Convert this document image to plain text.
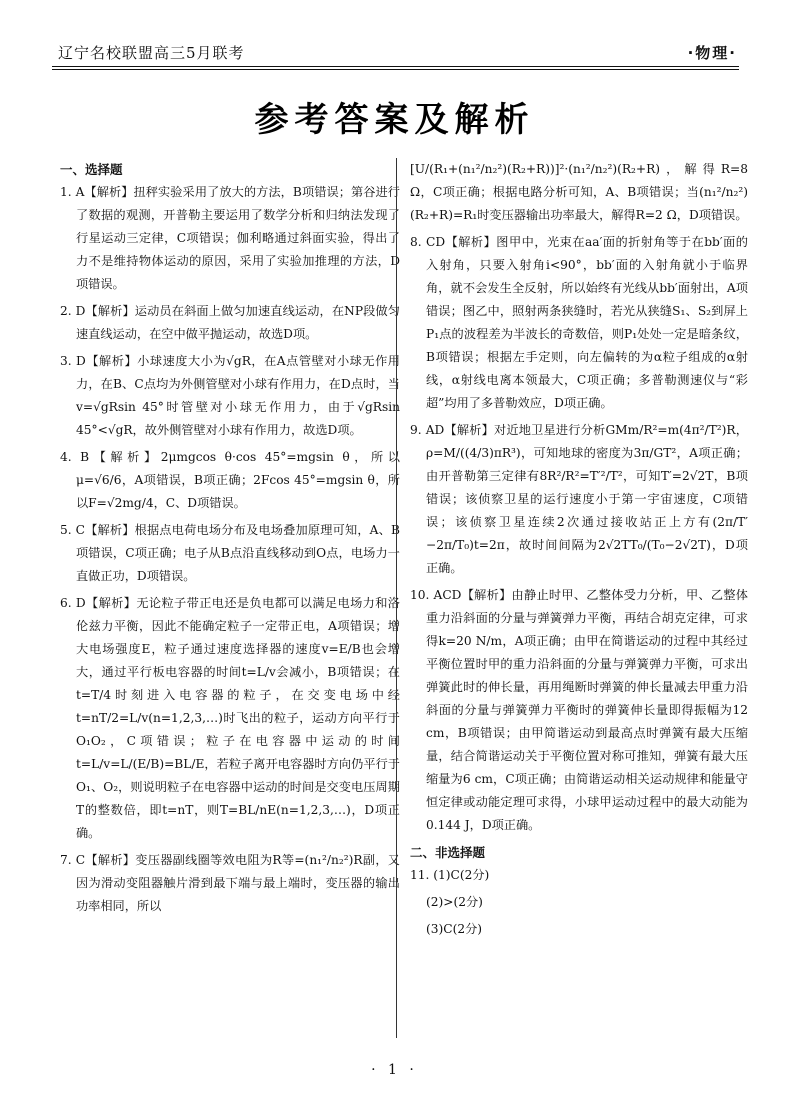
辽宁名校联盟高三5月联考	·物理·
参考答案及解析
一、选择题
1. A【解析】扭秤实验采用了放大的方法，B项错误；第谷进行了数据的观测，开普勒主要运用了数学分析和归纳法发现了行星运动三定律，C项错误；伽利略通过斜面实验，得出了力不是维持物体运动的原因，采用了实验加推理的方法，D项错误。
2. D【解析】运动员在斜面上做匀加速直线运动，在NP段做匀速直线运动，在空中做平抛运动，故选D项。
3. D【解析】小球速度大小为√gR，在A点管壁对小球无作用力，在B、C点均为外侧管壁对小球有作用力，在D点时，当v=√gRsin 45°时管壁对小球无作用力，由于√gRsin 45°<√gR，故外侧管壁对小球有作用力，故选D项。
4. B【解析】2μmgcos θ·cos 45°=mgsin θ，所以μ=√6/6，A项错误，B项正确；2Fcos 45°=mgsin θ，所以F=√2mg/4，C、D项错误。
5. C【解析】根据点电荷电场分布及电场叠加原理可知，A、B项错误，C项正确；电子从B点沿直线移动到O点，电场力一直做正功，D项错误。
6. D【解析】无论粒子带正电还是负电都可以满足电场力和洛伦兹力平衡，因此不能确定粒子一定带正电，A项错误；增大电场强度E，粒子通过速度选择器的速度v=E/B也会增大，通过平行板电容器的时间t=L/v会减小，B项错误；在t=T/4时刻进入电容器的粒子，在交变电场中经t=nT/2=L/v(n=1,2,3,…)时飞出的粒子，运动方向平行于O₁O₂，C项错误；粒子在电容器中运动的时间t=L/v=L/(E/B)=BL/E，若粒子离开电容器时方向仍平行于O₁、O₂，则说明粒子在电容器中运动的时间是交变电压周期T的整数倍，即t=nT，则T=BL/nE(n=1,2,3,…)，D项正确。
7. C【解析】变压器副线圈等效电阻为R等=(n₁²/n₂²)R副，又因为滑动变阻器触片滑到最下端与最上端时，变压器的输出功率相同，所以
[U/(R₁+(n₁²/n₂²)(R₂+R))]²·(n₁²/n₂²)(R₂+R)，解得R=8 Ω，C项正确；根据电路分析可知，A、B项错误；当(n₁²/n₂²)(R₂+R)=R₁时变压器输出功率最大，解得R=2 Ω，D项错误。
8. CD【解析】图甲中，光束在aa′面的折射角等于在bb′面的入射角，只要入射角i<90°，bb′面的入射角就小于临界角，就不会发生全反射，所以始终有光线从bb′面射出，A项错误；图乙中，照射两条狭缝时，若光从狭缝S₁、S₂到屏上P₁点的波程差为半波长的奇数倍，则P₁处处一定是暗条纹，B项错误；根据左手定则，向左偏转的为α粒子组成的α射线，α射线电离本领最大，C项正确；多普勒测速仪与“彩超”均用了多普勒效应，D项正确。
9. AD【解析】对近地卫星进行分析GMm/R²=m(4π²/T²)R，ρ=M/((4/3)πR³)，可知地球的密度为3π/GT²，A项正确；由开普勒第三定律有8R²/R²=T′²/T²，可知T′=2√2T，B项错误；该侦察卫星的运行速度小于第一宇宙速度，C项错误；该侦察卫星连续2次通过接收站正上方有(2π/T′−2π/T₀)t=2π，故时间间隔为2√2TT₀/(T₀−2√2T)，D项正确。
10. ACD【解析】由静止时甲、乙整体受力分析，甲、乙整体重力沿斜面的分量与弹簧弹力平衡，再结合胡克定律，可求得k=20 N/m，A项正确；由甲在简谐运动的过程中其经过平衡位置时甲的重力沿斜面的分量与弹簧弹力平衡，可求出弹簧此时的伸长量，再用绳断时弹簧的伸长量减去甲重力沿斜面的分量与弹簧弹力平衡时的弹簧伸长量即得振幅为12 cm，B项错误；由甲简谐运动到最高点时弹簧有最大压缩量，结合简谐运动关于平衡位置对称可推知，弹簧有最大压缩量为6 cm，C项正确；由简谐运动相关运动规律和能量守恒定律或动能定理可求得，小球甲运动过程中的最大动能为0.144 J，D项正确。
二、非选择题
11. (1)C(2分)
(2)>(2分)
(3)C(2分)
· 1 ·
